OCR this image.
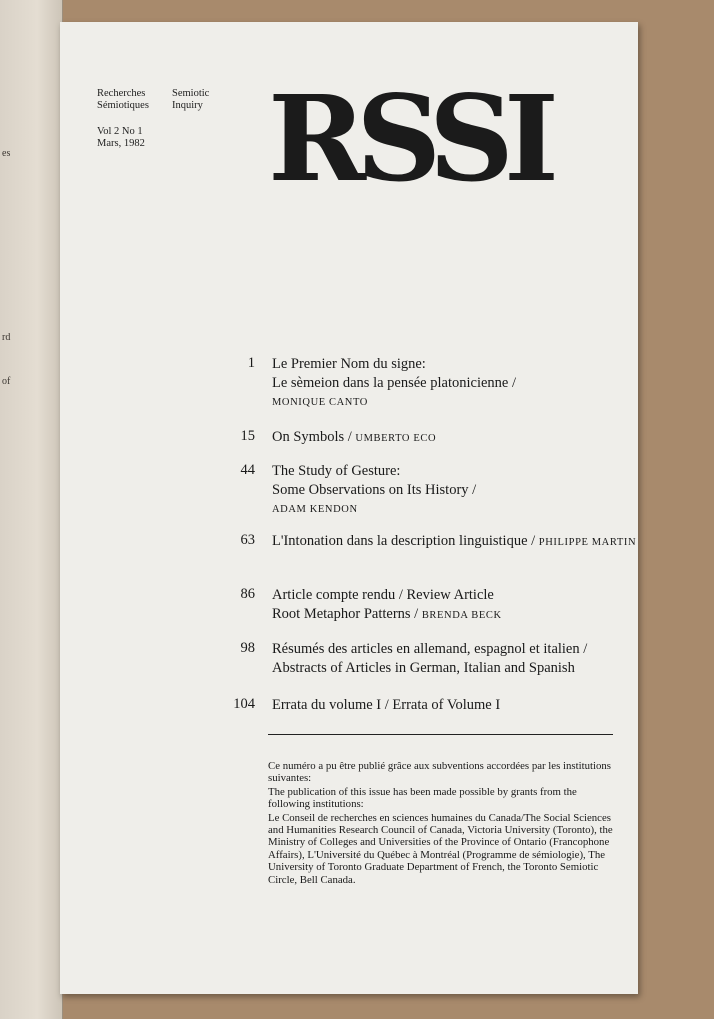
es
rd
of
Recherches
Sémiotiques
Semiotic
Inquiry
Vol 2 No 1
Mars, 1982 RSSI
1 Le Premier Nom du signe:
Le sèmeion dans la pensée platonicienne /
MONIQUE CANTO
15 On Symbols / UMBERTO ECO
44 The Study of Gesture:
Some Observations on Its History /
ADAM KENDON
63 L'Intonation dans la description linguistique / PHILIPPE MARTIN
86 Article compte rendu / Review Article
Root Metaphor Patterns / BRENDA BECK
98 Résumés des articles en allemand, espagnol et italien /
Abstracts of Articles in German, Italian and Spanish
104 Errata du volume I / Errata of Volume I

Ce numéro a pu être publié grâce aux subventions accordées par les institutions suivantes:

The publication of this issue has been made possible by grants from the following institutions:

Le Conseil de recherches en sciences humaines du Canada/The Social Sciences and Humanities Research Council of Canada, Victoria University (Toronto), the Ministry of Colleges and Universities of the Province of Ontario (Francophone Affairs), L'Université du Québec à Montréal (Programme de sémiologie), The University of Toronto Graduate Department of French, the Toronto Semiotic Circle, Bell Canada.
